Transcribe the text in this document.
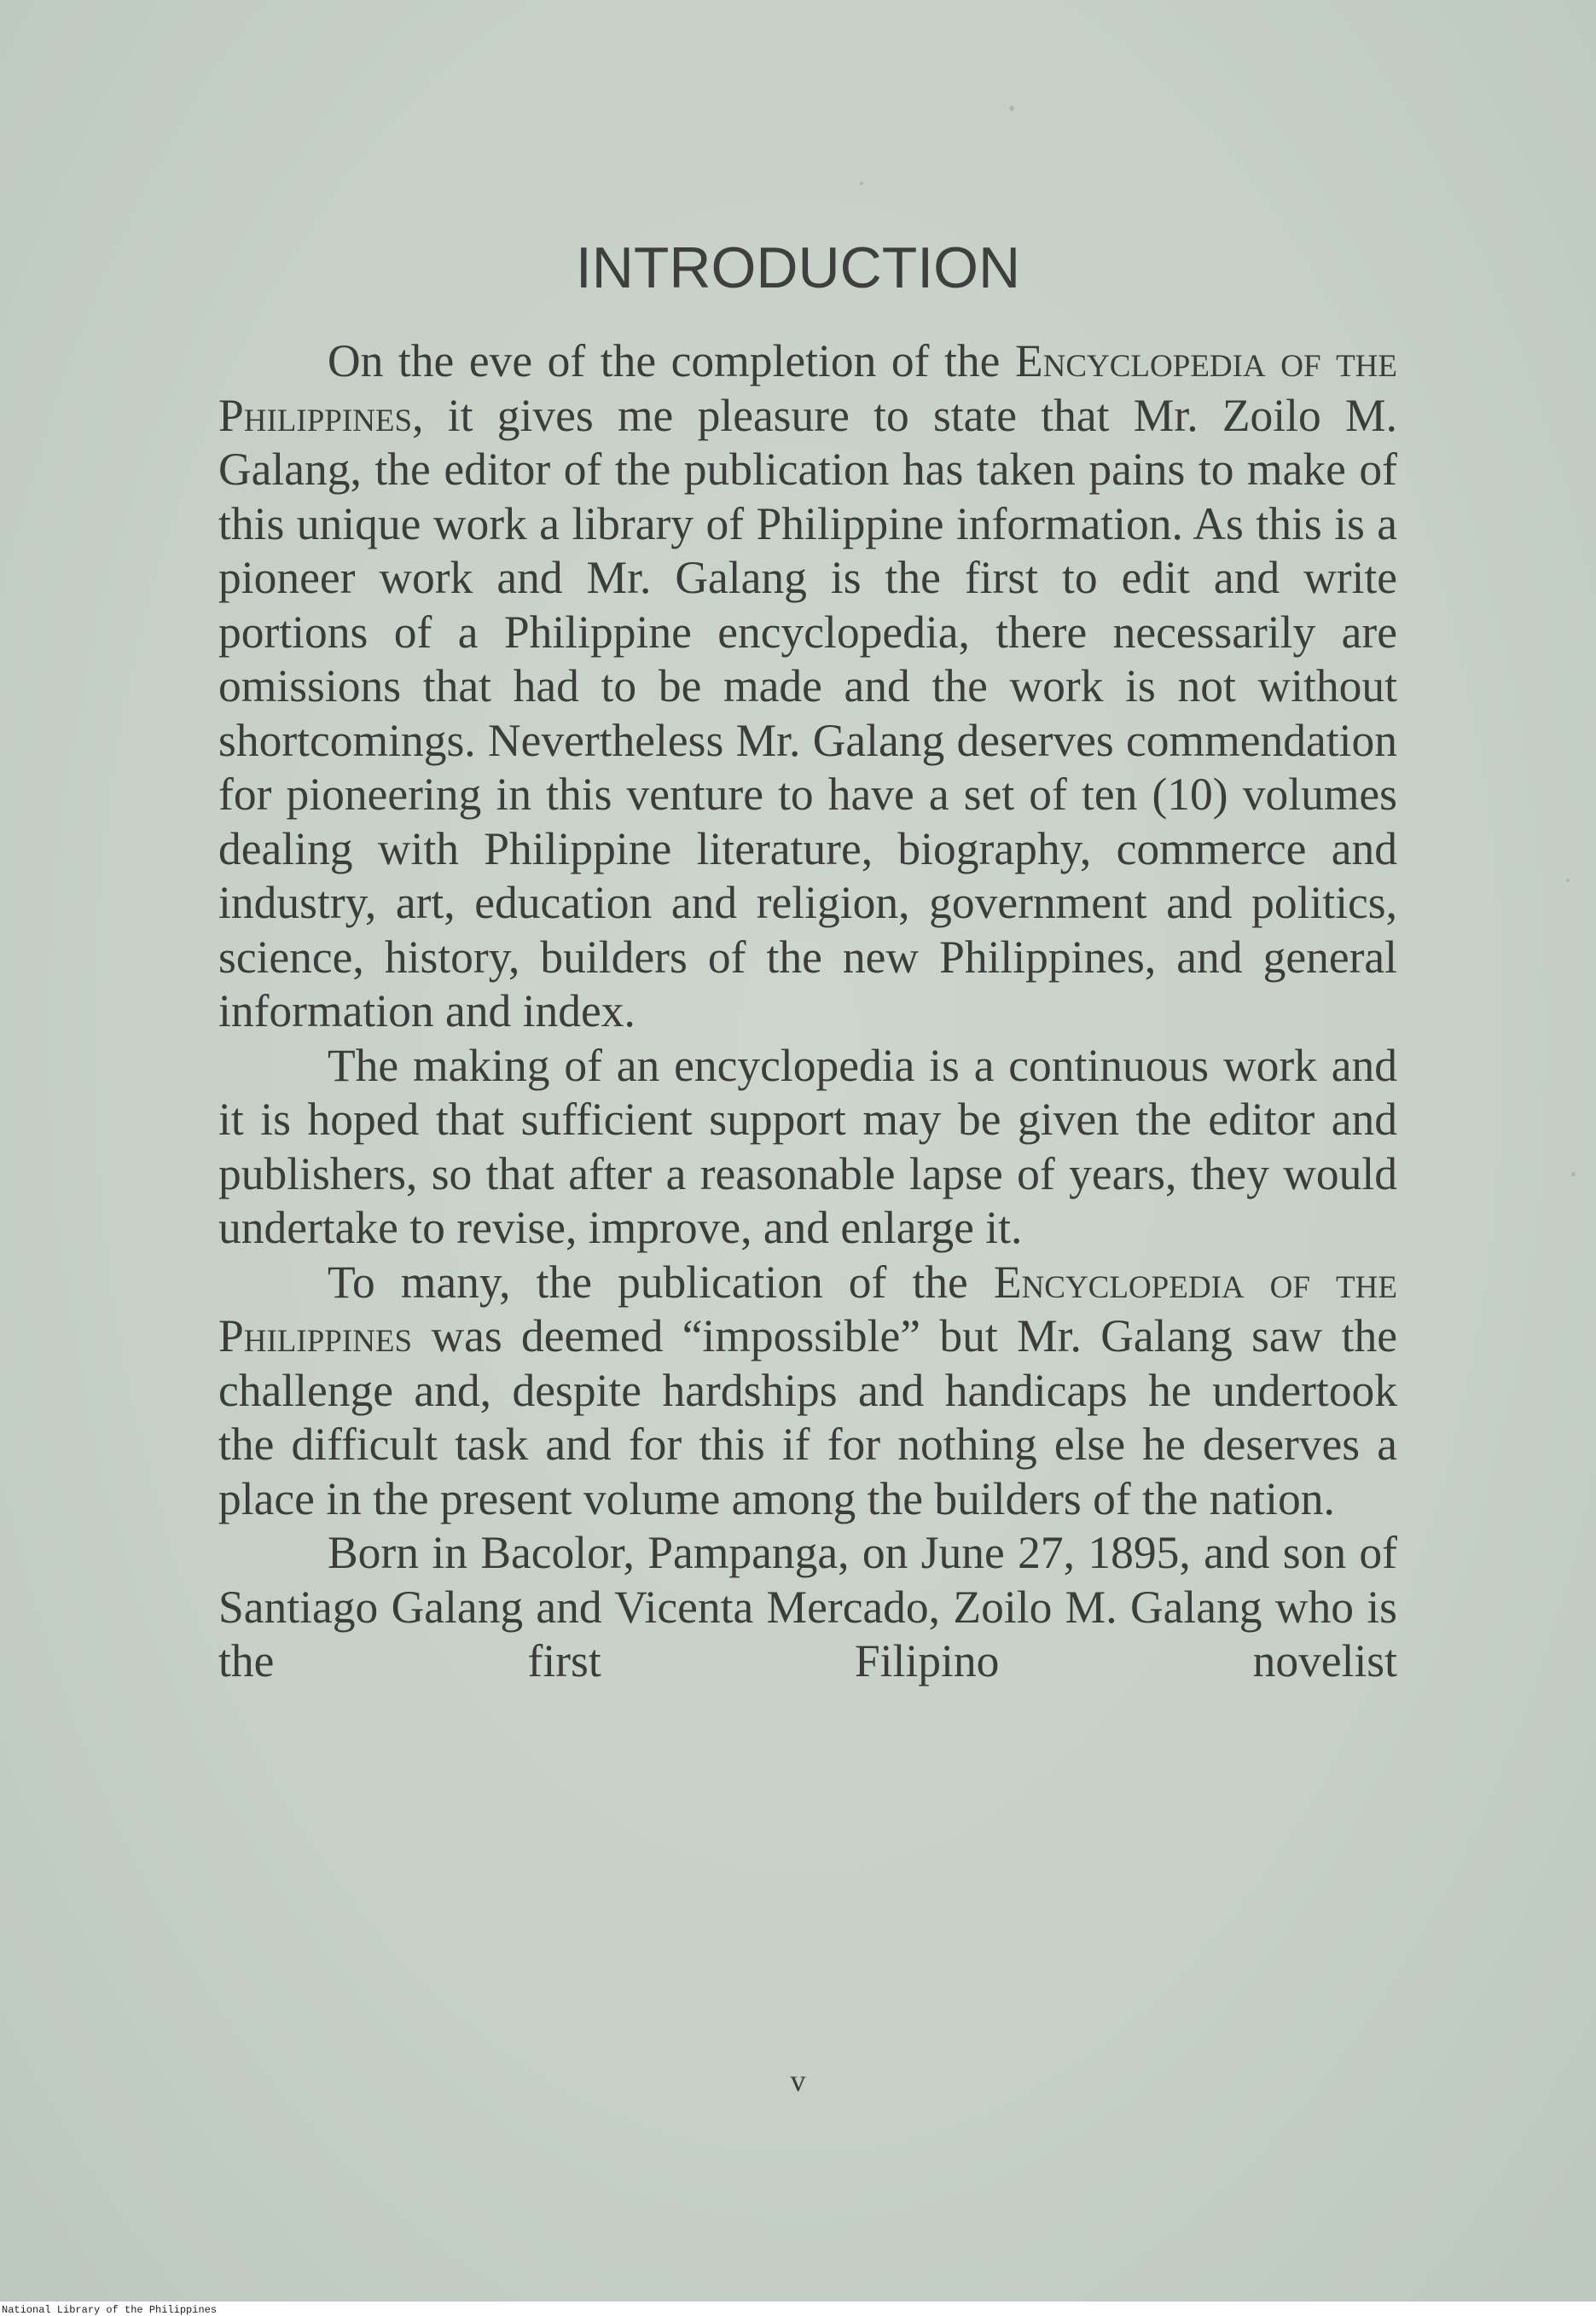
INTRODUCTION

On the eve of the completion of the Encyclopedia of the Philippines, it gives me pleasure to state that Mr. Zoilo M. Galang, the editor of the publication has taken pains to make of this unique work a library of Philippine information. As this is a pioneer work and Mr. Galang is the first to edit and write portions of a Philippine encyclopedia, there necessarily are omissions that had to be made and the work is not without shortcomings. Nevertheless Mr. Galang deserves commendation for pioneering in this venture to have a set of ten (10) volumes dealing with Philippine literature, biography, commerce and industry, art, education and religion, government and politics, science, history, builders of the new Philippines, and general information and index.

The making of an encyclopedia is a continuous work and it is hoped that sufficient support may be given the editor and publishers, so that after a reasonable lapse of years, they would undertake to revise, improve, and enlarge it.

To many, the publication of the Encyclopedia of the Philippines was deemed “impossible” but Mr. Galang saw the challenge and, despite hardships and handicaps he undertook the difficult task and for this if for nothing else he deserves a place in the present volume among the builders of the nation.

Born in Bacolor, Pampanga, on June 27, 1895, and son of Santiago Galang and Vicenta Mercado, Zoilo M. Galang who is the first Filipino novelist

v
National Library of the Philippines
